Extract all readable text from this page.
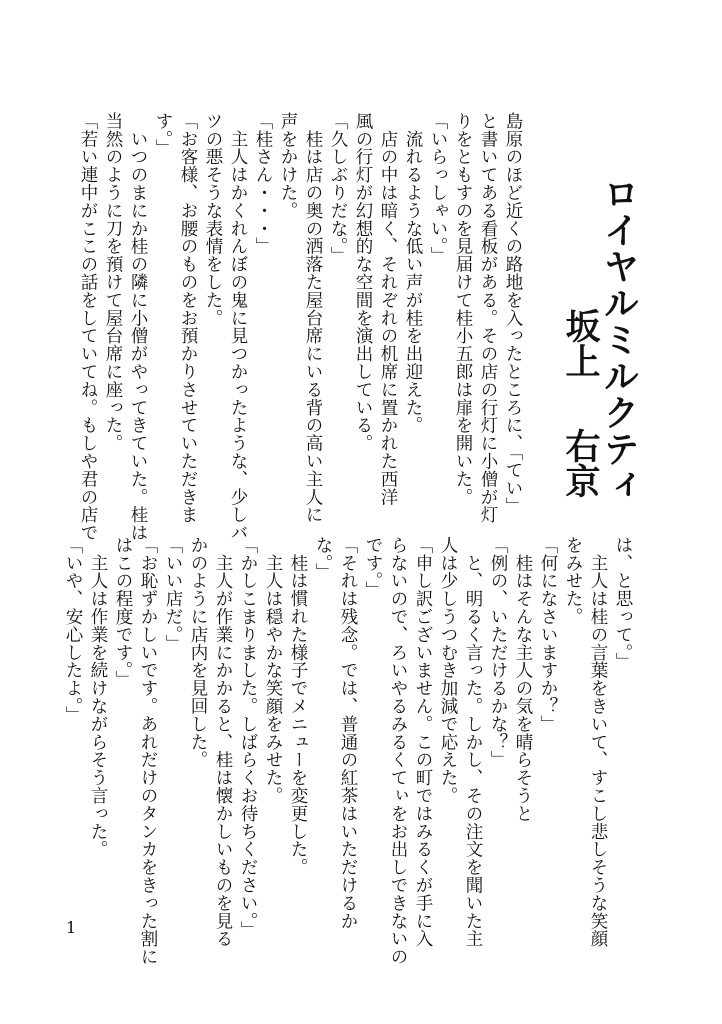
ロイヤルミルクティ
坂上右京

島原のほど近くの路地を入ったところに、「てい」

と書いてある看板がある。その店の行灯に小僧が灯

りをともすのを見届けて桂小五郎は扉を開いた。

「いらっしゃい。」

　流れるような低い声が桂を出迎えた。

　店の中は暗く、それぞれの机席に置かれた西洋

風の行灯が幻想的な空間を演出している。

「久しぶりだな。」

　桂は店の奥の洒落た屋台席にいる背の高い主人に

声をかけた。

「桂さん・・・」

　主人はかくれんぼの鬼に見つかったような、少しバ

ツの悪そうな表情をした。

「お客様、お腰のものをお預かりさせていただきま

す。」

　いつのまにか桂の隣に小僧がやってきていた。桂は

当然のように刀を預けて屋台席に座った。

「若い連中がここの話をしていてね。もしや君の店で

は、と思って。」

　主人は桂の言葉をきいて、すこし悲しそうな笑顔

をみせた。

「何になさいますか？」

　桂はそんな主人の気を晴らそうと

「例の、いただけるかな？」

　と、明るく言った。しかし、その注文を聞いた主

人は少しうつむき加減で応えた。

「申し訳ございません。この町ではみるくが手に入

らないので、ろいやるみるくてぃをお出しできないの

です。」

「それは残念。では、普通の紅茶はいただけるか

な。」

　桂は慣れた様子でメニューを変更した。

　主人は穏やかな笑顔をみせた。

「かしこまりました。しばらくお待ちください。」

　主人が作業にかかると、桂は懐かしいものを見る

かのように店内を見回した。

「いい店だ。」

「お恥ずかしいです。あれだけのタンカをきった割に

はこの程度です。」

　主人は作業を続けながらそう言った。

「いや、安心したよ。」

1
